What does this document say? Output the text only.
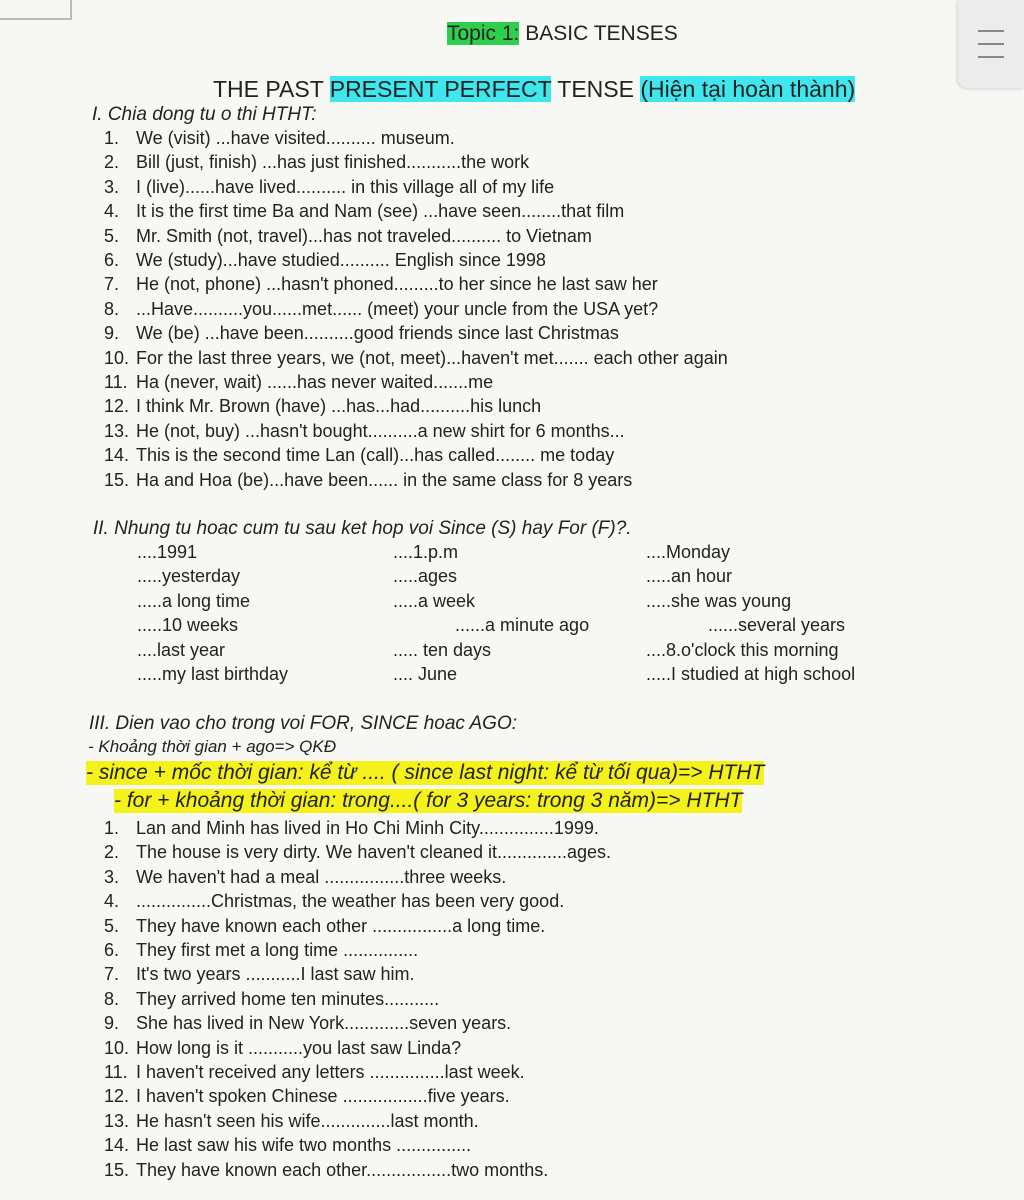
Topic 1: BASIC TENSES
THE PAST PRESENT PERFECT TENSE (Hiện tại hoàn thành)
I. Chia dong tu o thi HTHT:
1. We (visit) ...have visited.......... museum.
2. Bill (just, finish) ...has just finished...........the work
3. I (live)......have lived.......... in this village all of my life
4. It is the first time Ba and Nam (see) ...have seen........that film
5. Mr. Smith (not, travel)...has not traveled.......... to Vietnam
6. We (study)...have studied.......... English since 1998
7. He (not, phone) ...hasn't phoned.........to her since he last saw her
8. ...Have..........you......met...... (meet) your uncle from the USA yet?
9. We (be) ...have been..........good friends since last Christmas
10. For the last three years, we (not, meet)...haven't met....... each other again
11. Ha (never, wait) ......has never waited.......me
12. I think Mr. Brown (have) ...has...had..........his lunch
13. He (not, buy) ...hasn't bought..........a new shirt for 6 months...
14. This is the second time Lan (call)...has called........ me today
15. Ha and Hoa (be)...have been...... in the same class for 8 years
II. Nhung tu hoac cum tu sau ket hop voi Since (S) hay For (F)?.
....1991
.....yesterday
.....a long time
.....10 weeks
....last year
.....my last birthday
....1.p.m
.....ages
.....a week
......a minute ago
..... ten days
.... June
....Monday
.....an hour
.....she was young
......several years
....8.o'clock this morning
.....I studied at high school
III. Dien vao cho trong voi FOR, SINCE hoac AGO:
- Khoảng thời gian + ago=> QKĐ
- since + mốc thời gian: kể từ .... ( since last night: kể từ tối qua)=> HTHT
- for + khoảng thời gian: trong....( for 3 years: trong 3 năm)=> HTHT
1. Lan and Minh has lived in Ho Chi Minh City...............1999.
2. The house is very dirty. We haven't cleaned it..............ages.
3. We haven't had a meal ................three weeks.
4. ...............Christmas, the weather has been very good.
5. They have known each other ................a long time.
6. They first met a long time ...............
7. It's two years ...........I last saw him.
8. They arrived home ten minutes...........
9. She has lived in New York.............seven years.
10. How long is it ...........you last saw Linda?
11. I haven't received any letters ...............last week.
12. I haven't spoken Chinese .................five years.
13. He hasn't seen his wife..............last month.
14. He last saw his wife two months ...............
15. They have known each other.................two months.
